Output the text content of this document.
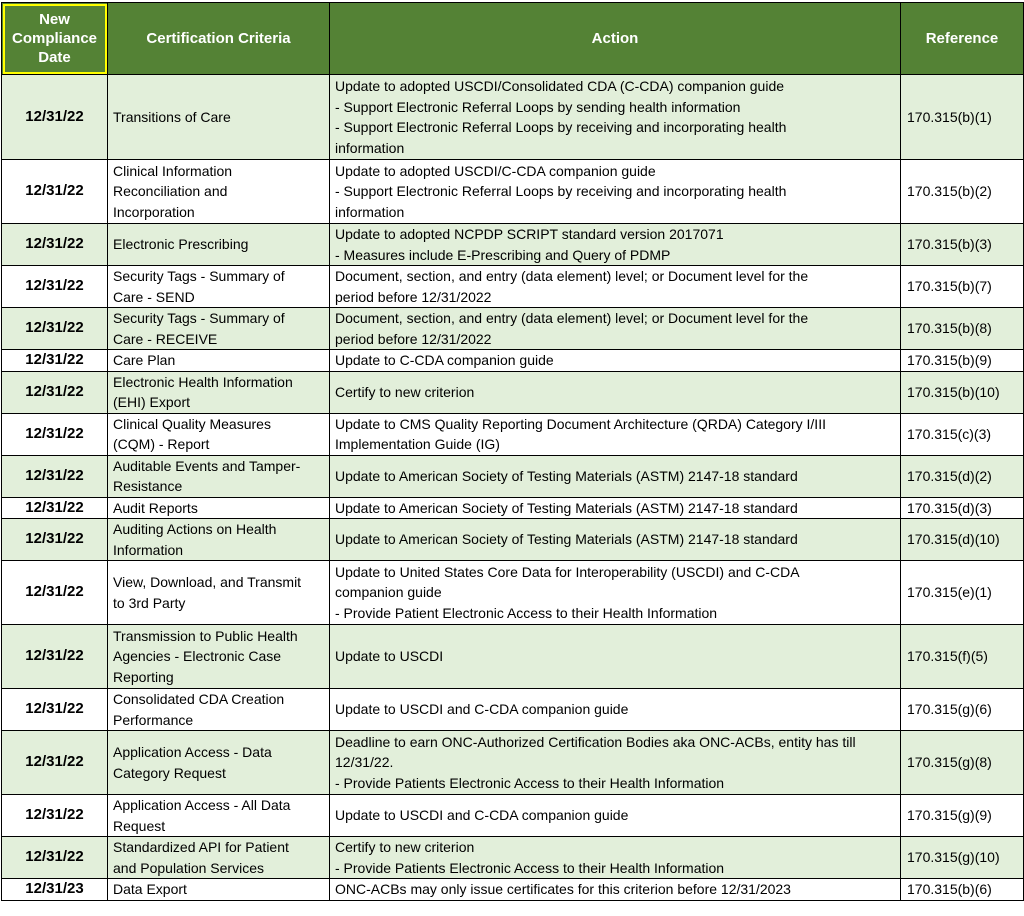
New
Compliance
Date	Certification Criteria	Action	Reference
12/31/22	Transitions of Care	Update to adopted USCDI/Consolidated CDA (C-CDA) companion guide
- Support Electronic Referral Loops by sending health information
- Support Electronic Referral Loops by receiving and incorporating health
information	170.315(b)(1)
12/31/22	Clinical Information
Reconciliation and
Incorporation	Update to adopted USCDI/C-CDA companion guide
- Support Electronic Referral Loops by receiving and incorporating health
information	170.315(b)(2)
12/31/22	Electronic Prescribing	Update to adopted NCPDP SCRIPT standard version 2017071
- Measures include E-Prescribing and Query of PDMP	170.315(b)(3)
12/31/22	Security Tags - Summary of
Care - SEND	Document, section, and entry (data element) level; or Document level for the
period before 12/31/2022	170.315(b)(7)
12/31/22	Security Tags - Summary of
Care - RECEIVE	Document, section, and entry (data element) level; or Document level for the
period before 12/31/2022	170.315(b)(8)
12/31/22	Care Plan	Update to C-CDA companion guide	170.315(b)(9)
12/31/22	Electronic Health Information
(EHI) Export	Certify to new criterion	170.315(b)(10)
12/31/22	Clinical Quality Measures
(CQM) - Report	Update to CMS Quality Reporting Document Architecture (QRDA) Category I/III
Implementation Guide (IG)	170.315(c)(3)
12/31/22	Auditable Events and Tamper-
Resistance	Update to American Society of Testing Materials (ASTM) 2147-18 standard	170.315(d)(2)
12/31/22	Audit Reports	Update to American Society of Testing Materials (ASTM) 2147-18 standard	170.315(d)(3)
12/31/22	Auditing Actions on Health
Information	Update to American Society of Testing Materials (ASTM) 2147-18 standard	170.315(d)(10)
12/31/22	View, Download, and Transmit
to 3rd Party	Update to United States Core Data for Interoperability (USCDI) and C-CDA
companion guide
- Provide Patient Electronic Access to their Health Information	170.315(e)(1)
12/31/22	Transmission to Public Health
Agencies - Electronic Case
Reporting	Update to USCDI	170.315(f)(5)
12/31/22	Consolidated CDA Creation
Performance	Update to USCDI and C-CDA companion guide	170.315(g)(6)
12/31/22	Application Access - Data
Category Request	Deadline to earn ONC-Authorized Certification Bodies aka ONC-ACBs, entity has till
12/31/22.
- Provide Patients Electronic Access to their Health Information	170.315(g)(8)
12/31/22	Application Access - All Data
Request	Update to USCDI and C-CDA companion guide	170.315(g)(9)
12/31/22	Standardized API for Patient
and Population Services	Certify to new criterion
- Provide Patients Electronic Access to their Health Information	170.315(g)(10)
12/31/23	Data Export	ONC-ACBs may only issue certificates for this criterion before 12/31/2023	170.315(b)(6)
